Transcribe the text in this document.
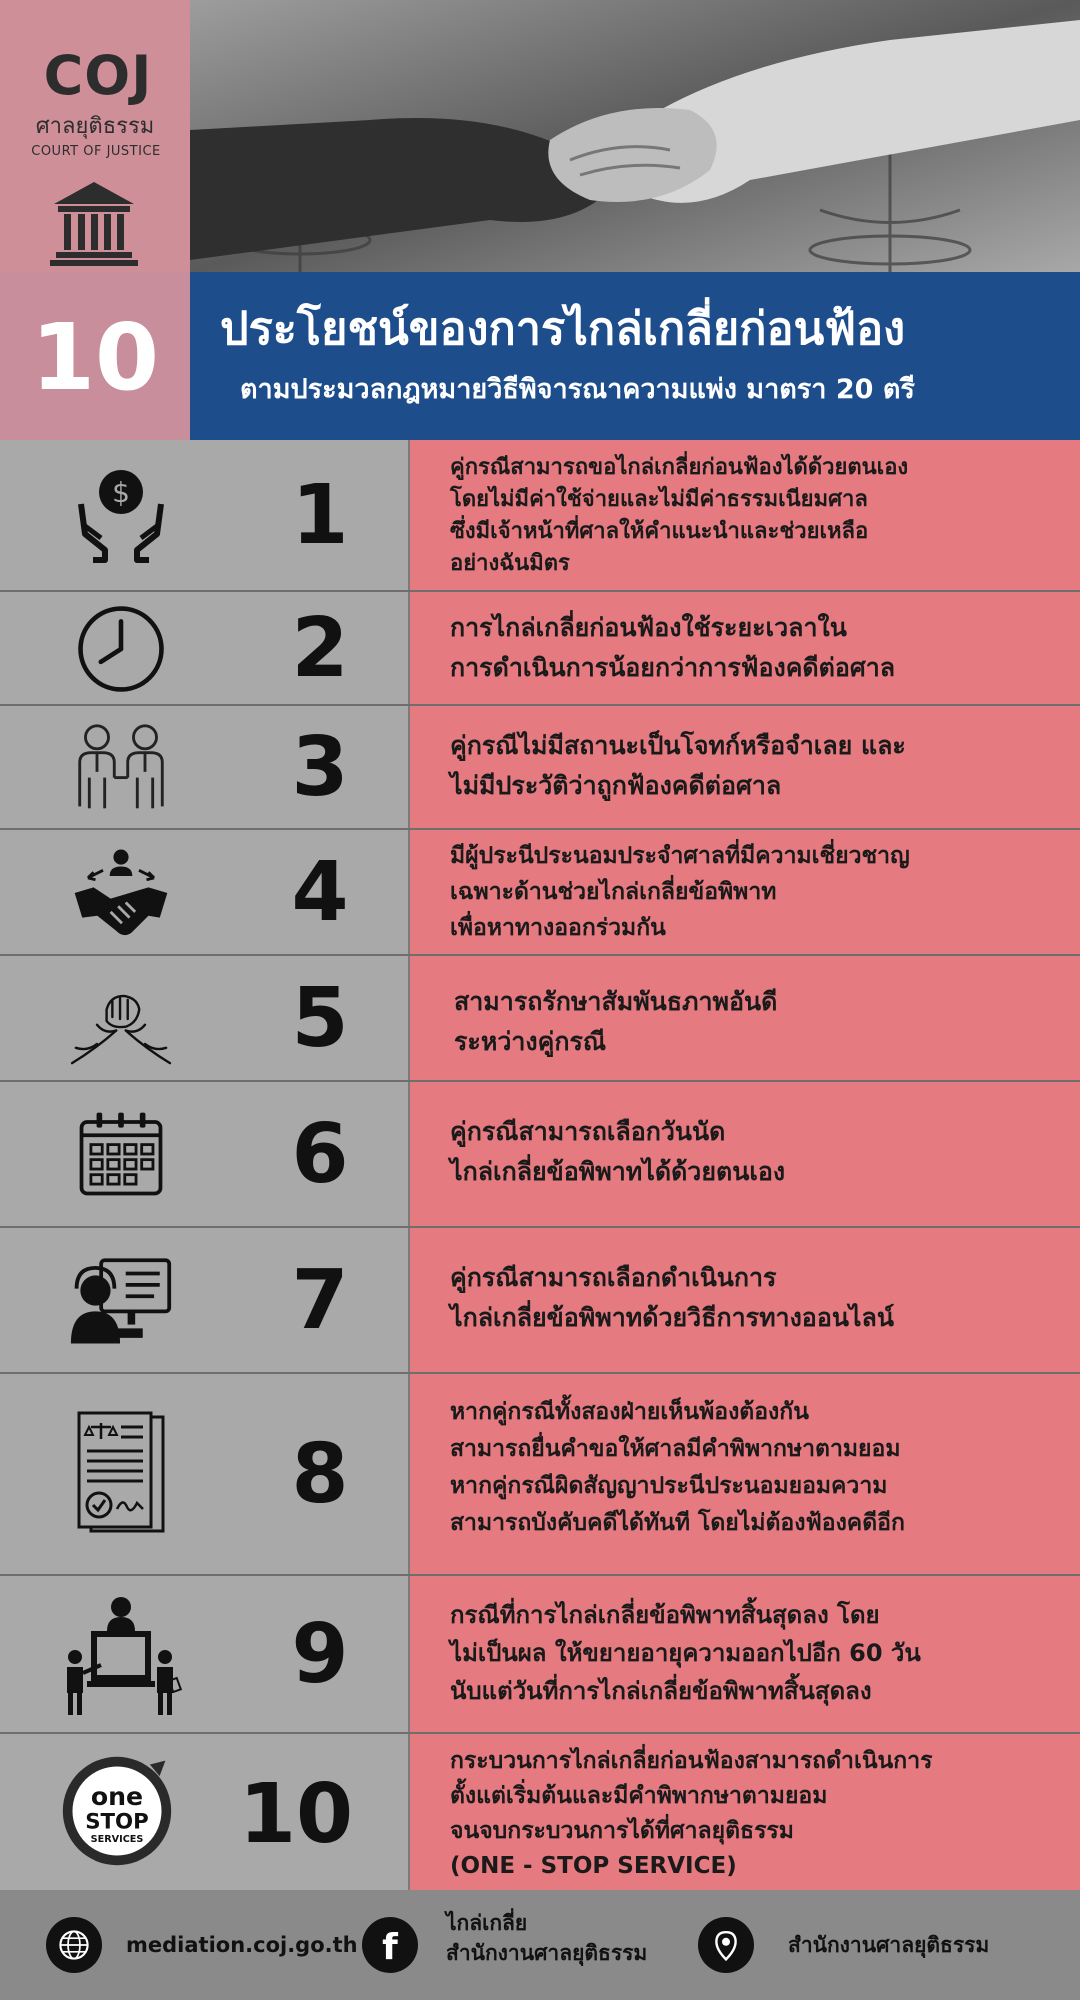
COJ
ศาลยุติธรรม
COURT OF JUSTICE
10	ประโยชน์ของการไกล่เกลี่ยก่อนฟ้อง
ตามประมวลกฎหมายวิธีพิจารณาความแพ่ง มาตรา 20 ตรี
$	1
คู่กรณีสามารถขอไกล่เกลี่ยก่อนฟ้องได้ด้วยตนเอง
โดยไม่มีค่าใช้จ่ายและไม่มีค่าธรรมเนียมศาล
ซึ่งมีเจ้าหน้าที่ศาลให้คำแนะนำและช่วยเหลือ
อย่างฉันมิตร
2	การไกล่เกลี่ยก่อนฟ้องใช้ระยะเวลาใน
การดำเนินการน้อยกว่าการฟ้องคดีต่อศาล
3	คู่กรณีไม่มีสถานะเป็นโจทก์หรือจำเลย และ
ไม่มีประวัติว่าถูกฟ้องคดีต่อศาล
4	มีผู้ประนีประนอมประจำศาลที่มีความเชี่ยวชาญ
เฉพาะด้านช่วยไกล่เกลี่ยข้อพิพาท
เพื่อหาทางออกร่วมกัน
5	สามารถรักษาสัมพันธภาพอันดี
ระหว่างคู่กรณี
6	คู่กรณีสามารถเลือกวันนัด
ไกล่เกลี่ยข้อพิพาทได้ด้วยตนเอง
7	คู่กรณีสามารถเลือกดำเนินการ
ไกล่เกลี่ยข้อพิพาทด้วยวิธีการทางออนไลน์
8
หากคู่กรณีทั้งสองฝ่ายเห็นพ้องต้องกัน
สามารถยื่นคำขอให้ศาลมีคำพิพากษาตามยอม
หากคู่กรณีผิดสัญญาประนีประนอมยอมความ
สามารถบังคับคดีได้ทันที โดยไม่ต้องฟ้องคดีอีก
9	กรณีที่การไกล่เกลี่ยข้อพิพาทสิ้นสุดลง โดย
ไม่เป็นผล ให้ขยายอายุความออกไปอีก 60 วัน
นับแต่วันที่การไกล่เกลี่ยข้อพิพาทสิ้นสุดลง
one
STOP
SERVICES 10
กระบวนการไกล่เกลี่ยก่อนฟ้องสามารถดำเนินการ
ตั้งแต่เริ่มต้นและมีคำพิพากษาตามยอม
จนจบกระบวนการได้ที่ศาลยุติธรรม
(ONE - STOP SERVICE)
mediation.coj.go.th f
ไกล่เกลี่ย
สำนักงานศาลยุติธรรม	สำนักงานศาลยุติธรรม
